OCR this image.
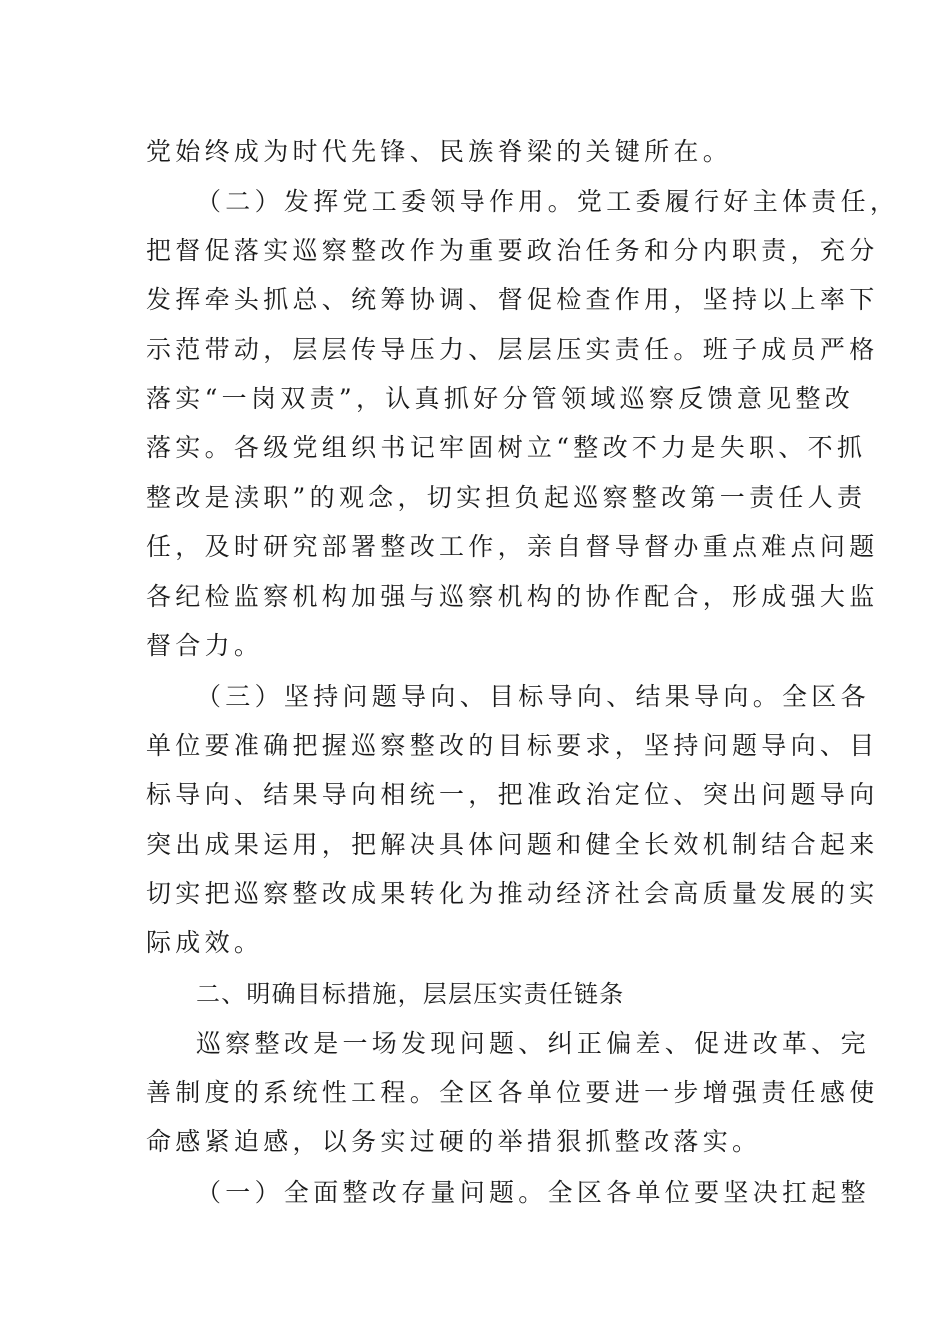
党始终成为时代先锋、民族脊梁的关键所在。
（二）发挥党工委领导作用。党工委履行好主体责任，
把督促落实巡察整改作为重要政治任务和分内职责，充分
发挥牵头抓总、统筹协调、督促检查作用，坚持以上率下
示范带动，层层传导压力、层层压实责任。班子成员严格
落实“一岗双责”，认真抓好分管领域巡察反馈意见整改
落实。各级党组织书记牢固树立“整改不力是失职、不抓
整改是渎职”的观念，切实担负起巡察整改第一责任人责
任，及时研究部署整改工作，亲自督导督办重点难点问题
各纪检监察机构加强与巡察机构的协作配合，形成强大监
督合力。
（三）坚持问题导向、目标导向、结果导向。全区各
单位要准确把握巡察整改的目标要求，坚持问题导向、目
标导向、结果导向相统一，把准政治定位、突出问题导向
突出成果运用，把解决具体问题和健全长效机制结合起来
切实把巡察整改成果转化为推动经济社会高质量发展的实
际成效。
二、明确目标措施，层层压实责任链条
巡察整改是一场发现问题、纠正偏差、促进改革、完
善制度的系统性工程。全区各单位要进一步增强责任感使
命感紧迫感，以务实过硬的举措狠抓整改落实。
（一）全面整改存量问题。全区各单位要坚决扛起整
